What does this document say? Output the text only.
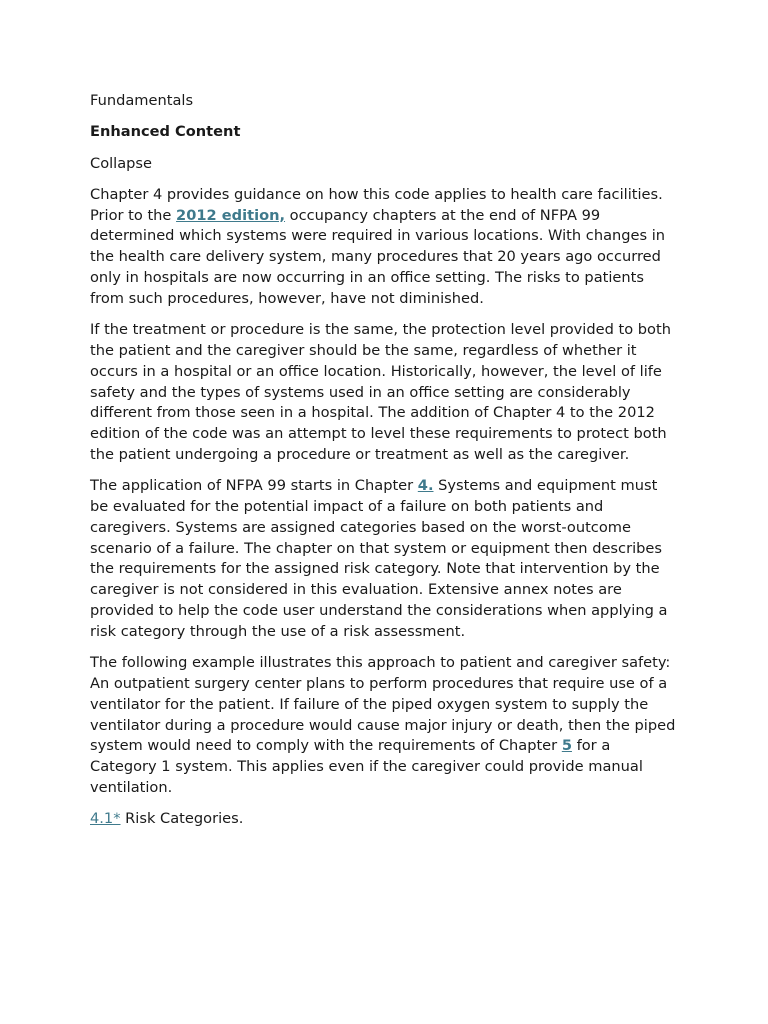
Fundamentals

Enhanced Content

Collapse

Chapter 4 provides guidance on how this code applies to health care facilities. Prior to the 2012 edition, occupancy chapters at the end of NFPA 99 determined which systems were required in various locations. With changes in the health care delivery system, many procedures that 20 years ago occurred only in hospitals are now occurring in an office setting. The risks to patients from such procedures, however, have not diminished.

If the treatment or procedure is the same, the protection level provided to both the patient and the caregiver should be the same, regardless of whether it occurs in a hospital or an office location. Historically, however, the level of life safety and the types of systems used in an office setting are considerably different from those seen in a hospital. The addition of Chapter 4 to the 2012 edition of the code was an attempt to level these requirements to protect both the patient undergoing a procedure or treatment as well as the caregiver.

The application of NFPA 99 starts in Chapter 4. Systems and equipment must be evaluated for the potential impact of a failure on both patients and caregivers. Systems are assigned categories based on the worst-outcome scenario of a failure. The chapter on that system or equipment then describes the requirements for the assigned risk category. Note that intervention by the caregiver is not considered in this evaluation. Extensive annex notes are provided to help the code user understand the considerations when applying a risk category through the use of a risk assessment.

The following example illustrates this approach to patient and caregiver safety: An outpatient surgery center plans to perform procedures that require use of a ventilator for the patient. If failure of the piped oxygen system to supply the ventilator during a procedure would cause major injury or death, then the piped system would need to comply with the requirements of Chapter 5 for a Category 1 system. This applies even if the caregiver could provide manual ventilation.

4.1* Risk Categories.
